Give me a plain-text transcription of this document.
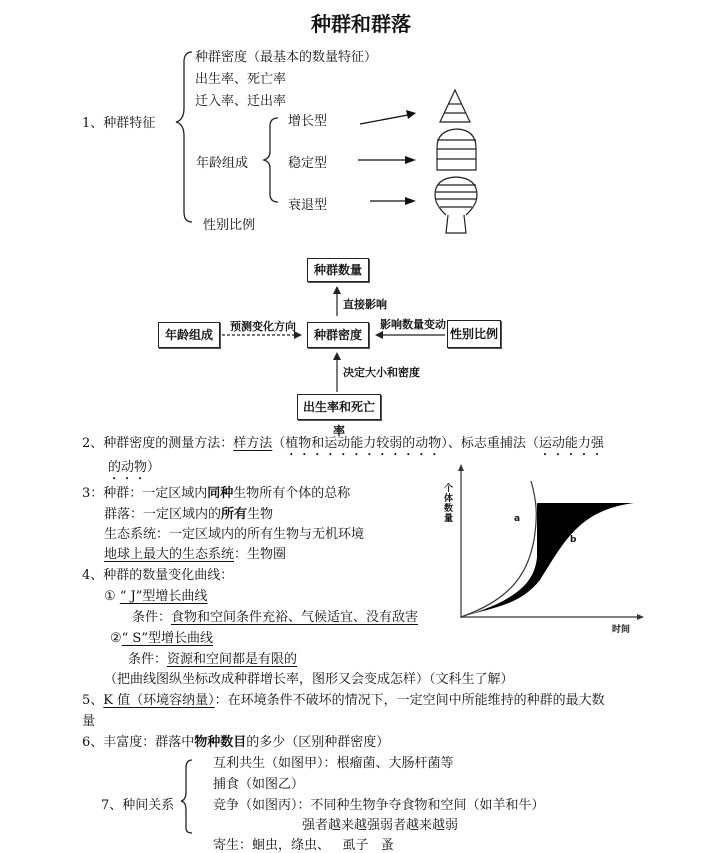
种群和群落
1、种群特征
种群密度（最基本的数量特征）
出生率、死亡率
迁入率、迁出率
年龄组成
增长型
稳定型
衰退型
性别比例
种群数量
种群密度
年龄组成	性别比例
出生率和死亡率
直接影响
预测变化方向	影响数量变动
决定大小和密度
2、种群密度的测量方法：样方法（植物和运动能力较弱的动物）、标志重捕法（运动能力强
的动物）
3：种群：一定区域内同种生物所有个体的总称
群落：一定区域内的所有生物
生态系统：一定区域内的所有生物与无机环境
地球上最大的生态系统：生物圈
4、种群的数量变化曲线：
① “ J”型增长曲线
条件：食物和空间条件充裕、气候适宜、没有敌害
②“ S”型增长曲线
条件：资源和空间都是有限的
（把曲线图纵坐标改成种群增长率，图形又会变成怎样）（文科生了解）
个体数量
时间
a
b
5、K 值（环境容纳量）：在环境条件不破坏的情况下，一定空间中所能维持的种群的最大数
量
6、丰富度：群落中物种数目的多少（区别种群密度）
7、种间关系
互利共生（如图甲）：根瘤菌、大肠杆菌等
捕食（如图乙）
竞争（如图丙）：不同种生物争夺食物和空间（如羊和牛）
强者越来越强弱者越来越弱
寄生：蛔虫，绦虫、   虱子   蚤
